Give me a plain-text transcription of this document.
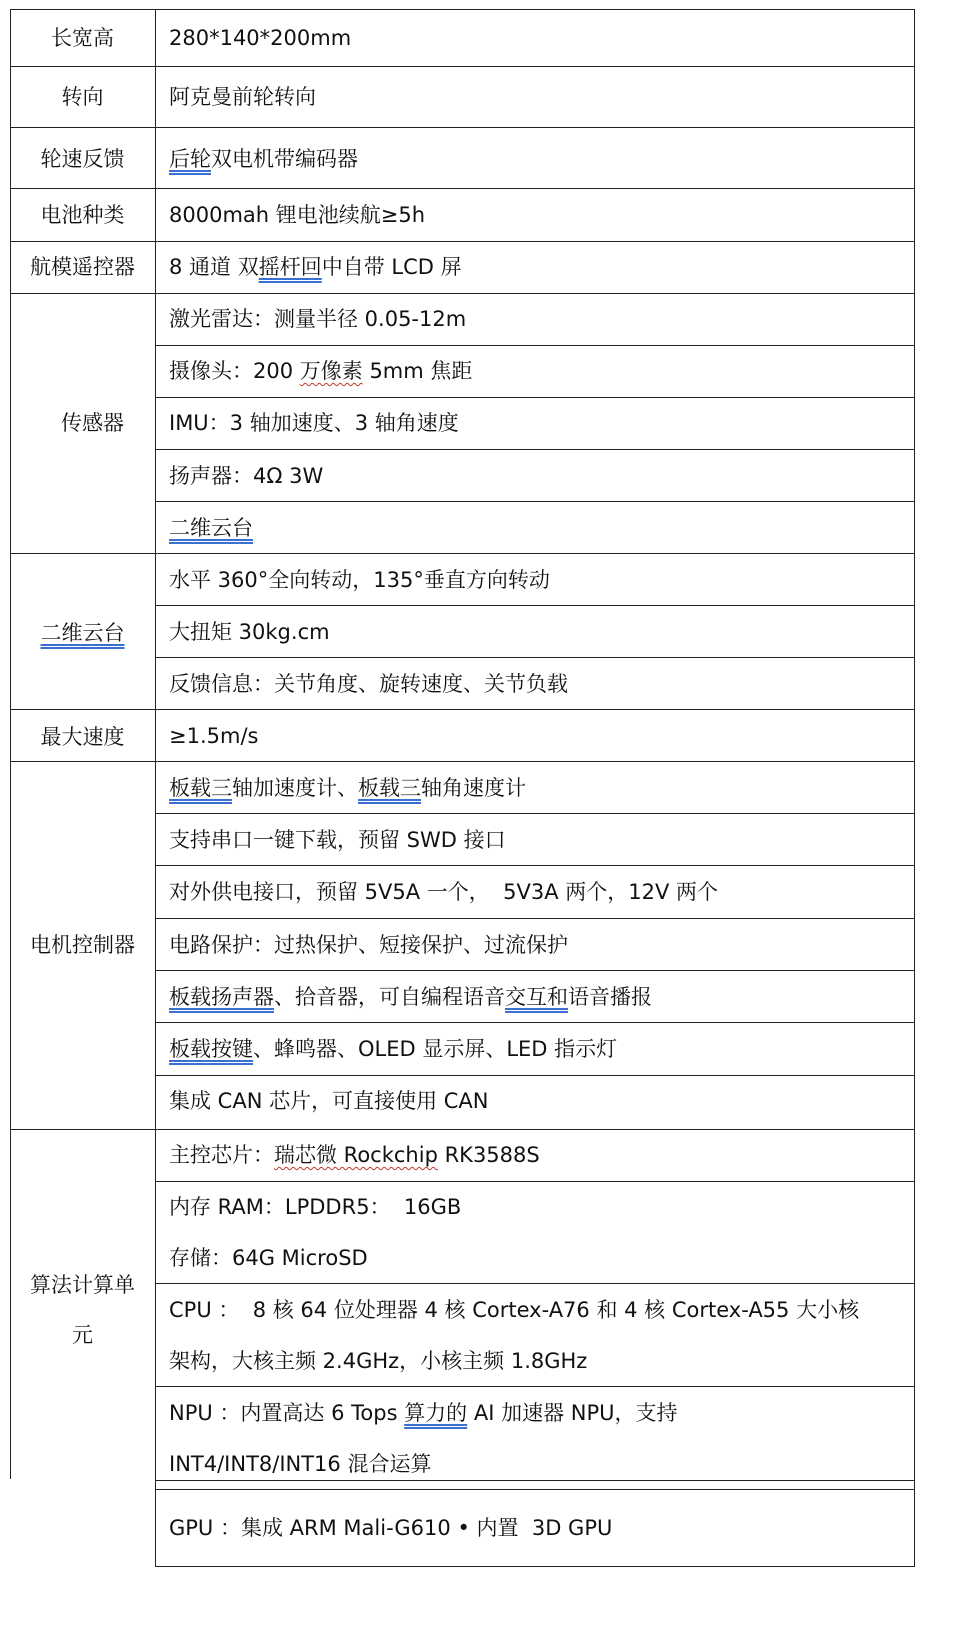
长宽高
转向
轮速反馈
电池种类
航模遥控器
传感器
二维云台
最大速度
电机控制器
算法计算单
元
280*140*200mm
阿克曼前轮转向
后轮双电机带编码器
8000mah 锂电池续航≥5h
8 通道 双摇杆回中自带 LCD 屏
激光雷达：测量半径 0.05-12m
摄像头：200 万像素 5mm 焦距
IMU：3 轴加速度、3 轴角速度
扬声器：4Ω 3W
二维云台
水平 360°全向转动，135°垂直方向转动
大扭矩 30kg.cm
反馈信息：关节角度、旋转速度、关节负载
≥1.5m/s
板载三轴加速度计、板载三轴角速度计
支持串口一键下载，预留 SWD 接口
对外供电接口，预留 5V5A 一个，  5V3A 两个，12V 两个
电路保护：过热保护、短接保护、过流保护
板载扬声器、拾音器，可自编程语音交互和语音播报
板载按键、蜂鸣器、OLED 显示屏、LED 指示灯
集成 CAN 芯片，可直接使用 CAN
主控芯片：瑞芯微 Rockchip RK3588S
内存 RAM：LPDDR5：  16GB
存储：64G MicroSD
CPU ：  8 核 64 位处理器 4 核 Cortex-A76 和 4 核 Cortex-A55 大小核
架构，大核主频 2.4GHz，小核主频 1.8GHz
NPU ：内置高达 6 Tops 算力的 AI 加速器 NPU，支持
INT4/INT8/INT16 混合运算
GPU ：集成 ARM Mali-G610 • 内置  3D GPU
